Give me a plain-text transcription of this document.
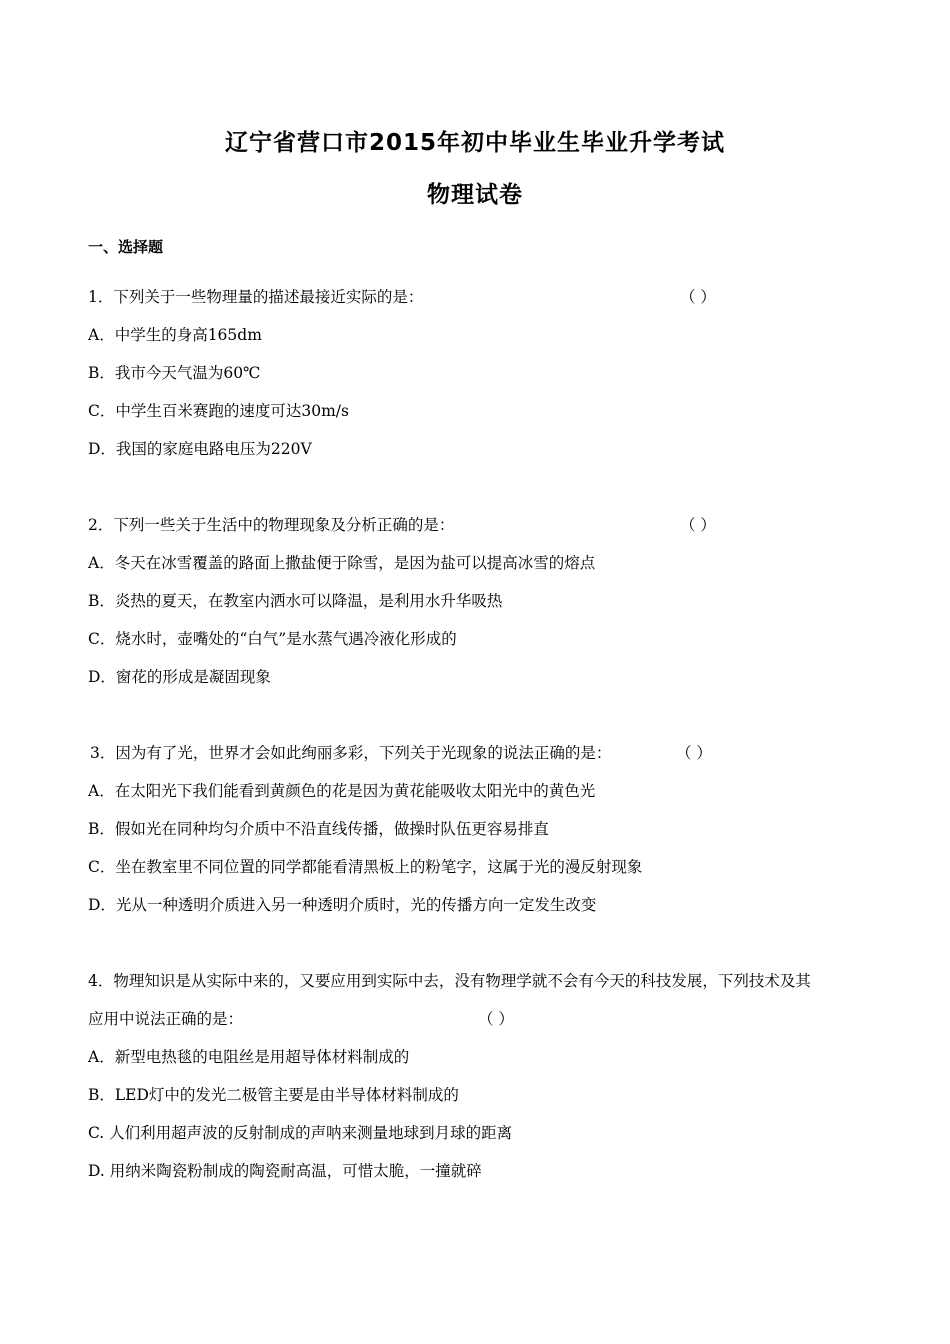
辽宁省营口市2015年初中毕业生毕业升学考试
物理试卷
一、选择题
1．下列关于一些物理量的描述最接近实际的是：	（ ）
A．中学生的身高165dm
B．我市今天气温为60℃
C．中学生百米赛跑的速度可达30m/s
D．我国的家庭电路电压为220V
2．下列一些关于生活中的物理现象及分析正确的是：	（ ）
A．冬天在冰雪覆盖的路面上撒盐便于除雪，是因为盐可以提高冰雪的熔点
B．炎热的夏天，在教室内洒水可以降温，是利用水升华吸热
C．烧水时，壶嘴处的“白气”是水蒸气遇冷液化形成的
D．窗花的形成是凝固现象
3．因为有了光，世界才会如此绚丽多彩，下列关于光现象的说法正确的是：	（ ）
A．在太阳光下我们能看到黄颜色的花是因为黄花能吸收太阳光中的黄色光
B．假如光在同种均匀介质中不沿直线传播，做操时队伍更容易排直
C．坐在教室里不同位置的同学都能看清黑板上的粉笔字，这属于光的漫反射现象
D．光从一种透明介质进入另一种透明介质时，光的传播方向一定发生改变
4．物理知识是从实际中来的，又要应用到实际中去，没有物理学就不会有今天的科技发展，下列技术及其
应用中说法正确的是：	（ ）
A．新型电热毯的电阻丝是用超导体材料制成的
B．LED灯中的发光二极管主要是由半导体材料制成的
C. 人们利用超声波的反射制成的声呐来测量地球到月球的距离
D. 用纳米陶瓷粉制成的陶瓷耐高温，可惜太脆，一撞就碎
